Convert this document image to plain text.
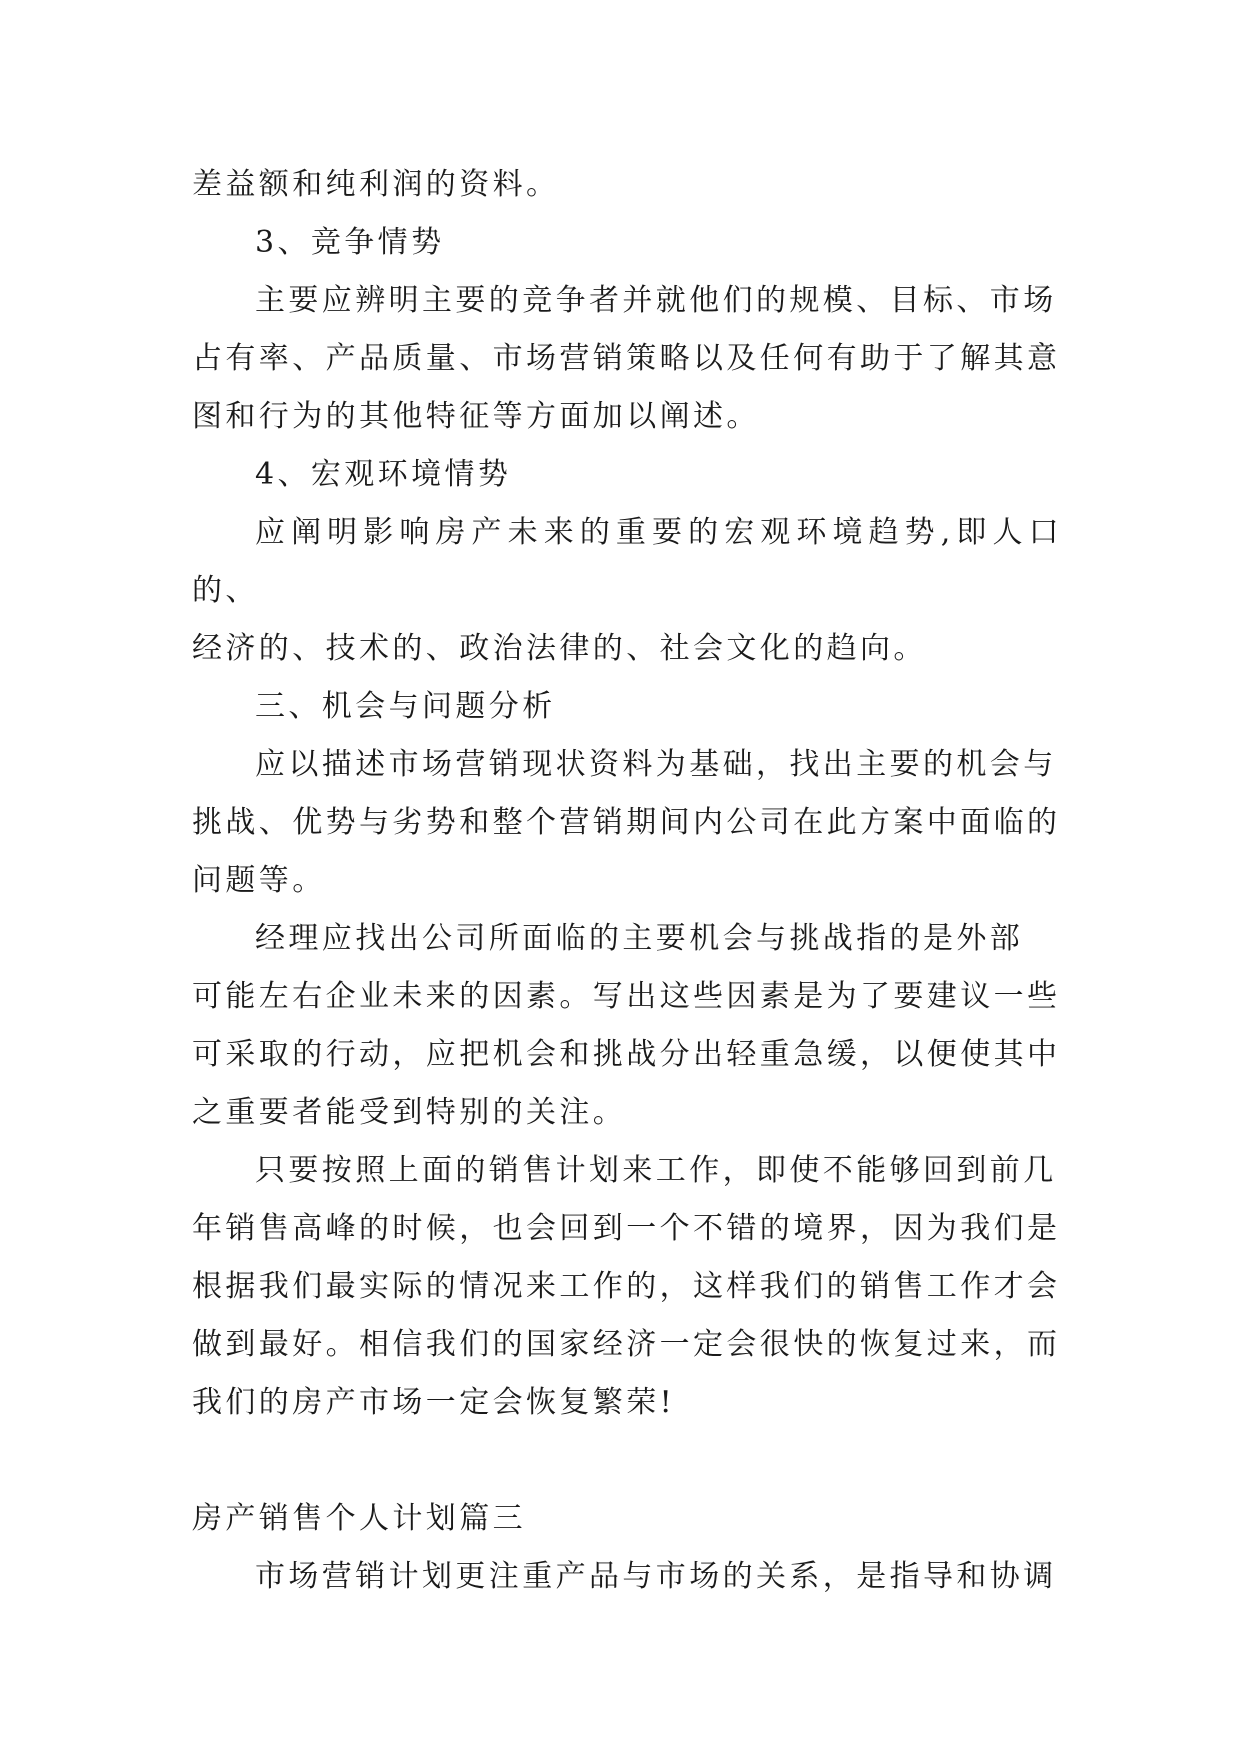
差益额和纯利润的资料。

3、竞争情势

主要应辨明主要的竞争者并就他们的规模、目标、市场
占有率、产品质量、市场营销策略以及任何有助于了解其意
图和行为的其他特征等方面加以阐述。

4、宏观环境情势

应阐明影响房产未来的重要的宏观环境趋势,即人口的、
经济的、技术的、政治法律的、社会文化的趋向。

三、机会与问题分析

应以描述市场营销现状资料为基础，找出主要的机会与
挑战、优势与劣势和整个营销期间内公司在此方案中面临的
问题等。

经理应找出公司所面临的主要机会与挑战指的是外部
可能左右企业未来的因素。写出这些因素是为了要建议一些
可采取的行动，应把机会和挑战分出轻重急缓，以便使其中
之重要者能受到特别的关注。

只要按照上面的销售计划来工作，即使不能够回到前几
年销售高峰的时候，也会回到一个不错的境界，因为我们是
根据我们最实际的情况来工作的，这样我们的销售工作才会
做到最好。相信我们的国家经济一定会很快的恢复过来，而
我们的房产市场一定会恢复繁荣!

房产销售个人计划篇三

市场营销计划更注重产品与市场的关系，是指导和协调
